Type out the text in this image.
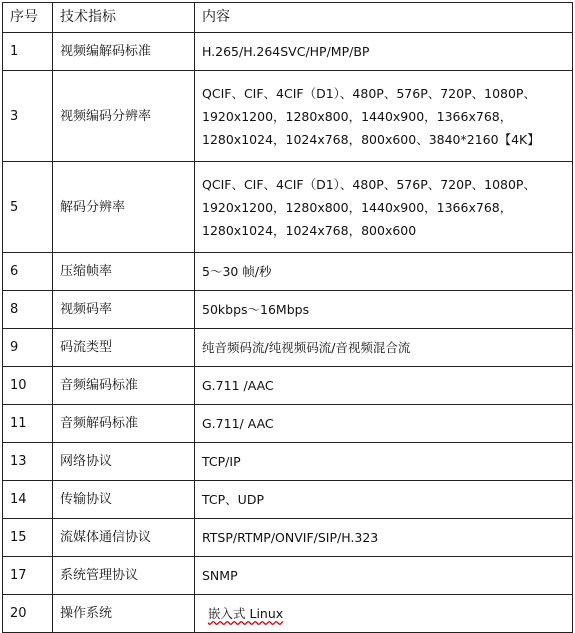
序号	技术指标	内容
1	视频编解码标准	H.265/H.264SVC/HP/MP/BP

3	视频编码分辨率	QCIF、CIF、4CIF（D1）、480P、576P、720P、1080P、
1920x1200，1280x800，1440x900，1366x768，
1280x1024，1024x768，800x600、3840*2160【4K】

5	解码分辨率	QCIF、CIF、4CIF（D1）、480P、576P、720P、1080P、
1920x1200，1280x800，1440x900，1366x768，
1280x1024，1024x768，800x600

6	压缩帧率	5～30 帧/秒

8	视频码率	50kbps～16Mbps

9	码流类型	纯音频码流/纯视频码流/音视频混合流

10	音频编码标准	G.711 /AAC

11	音频解码标准	G.711/ AAC

13	网络协议	TCP/IP

14	传输协议	TCP、UDP

15	流媒体通信协议	RTSP/RTMP/ONVIF/SIP/H.323

17	系统管理协议	SNMP

20	操作系统	嵌入式 Linux
